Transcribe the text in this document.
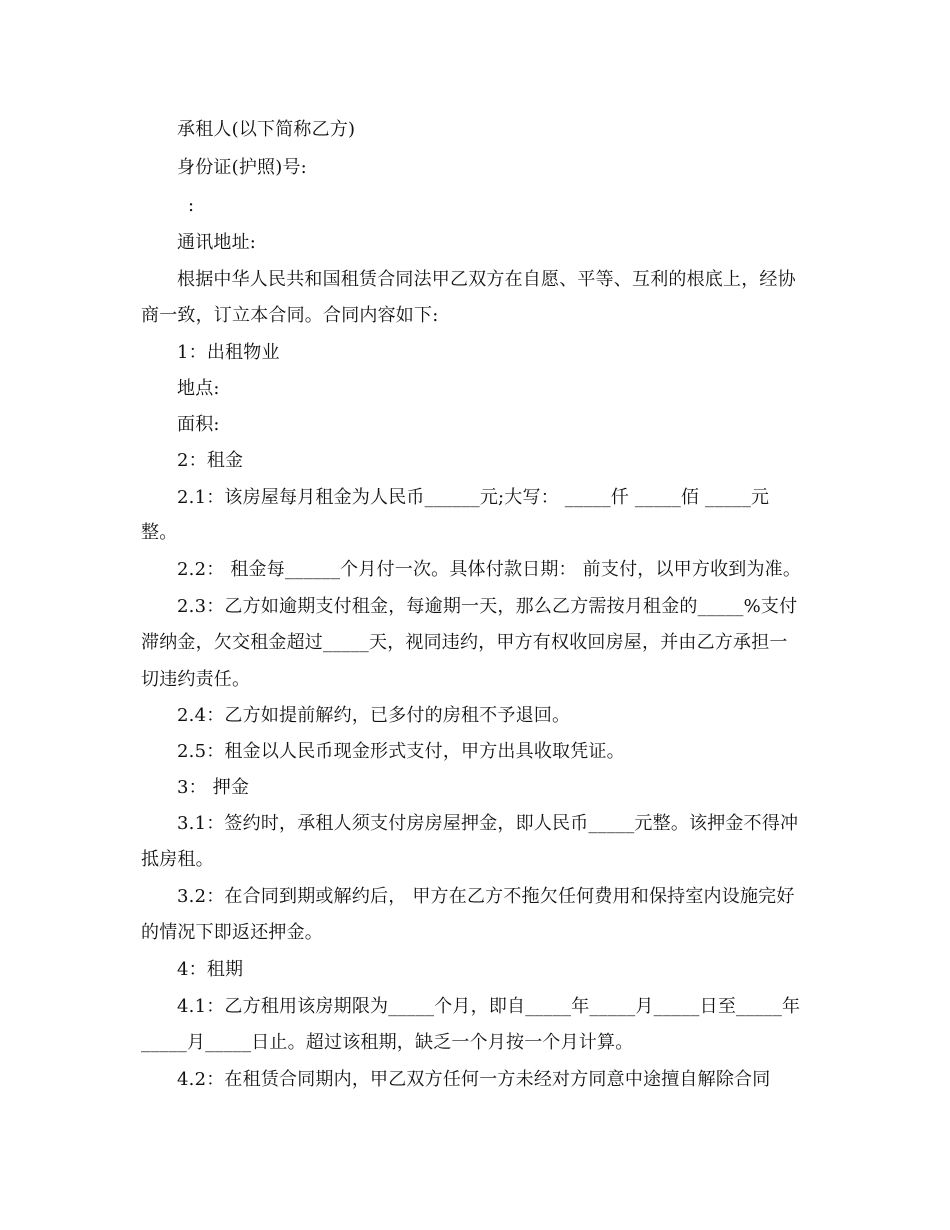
承租人(以下简称乙方)
身份证(护照)号:
:
通讯地址:
根据中华人民共和国租赁合同法甲乙双方在自愿、平等、互利的根底上，经协
商一致，订立本合同。合同内容如下:
1：出租物业
地点:
面积:
2：租金
2.1：该房屋每月租金为人民币______元;大写： _____仟 _____佰 _____元
整。
2.2： 租金每______个月付一次。具体付款日期： 前支付，以甲方收到为准。
2.3：乙方如逾期支付租金，每逾期一天，那么乙方需按月租金的_____%支付
滞纳金，欠交租金超过_____天，视同违约，甲方有权收回房屋，并由乙方承担一
切违约责任。
2.4：乙方如提前解约，已多付的房租不予退回。
2.5：租金以人民币现金形式支付，甲方出具收取凭证。
3： 押金
3.1：签约时，承租人须支付房房屋押金，即人民币_____元整。该押金不得冲
抵房租。
3.2：在合同到期或解约后， 甲方在乙方不拖欠任何费用和保持室内设施完好
的情况下即返还押金。
4：租期
4.1：乙方租用该房期限为_____个月，即自_____年_____月_____日至_____年
_____月_____日止。超过该租期，缺乏一个月按一个月计算。
4.2：在租赁合同期内，甲乙双方任何一方未经对方同意中途擅自解除合同
